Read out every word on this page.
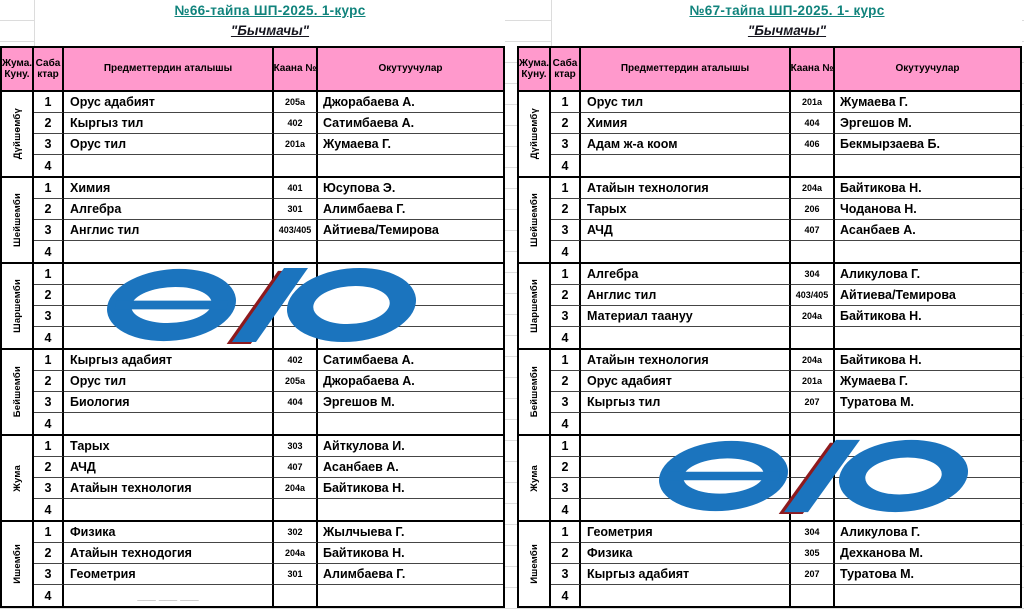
№66-тайпа ШП-2025. 1-курс
"Бычмачы"
Жума. Куну.
Саба ктар
Предметтердин аталышы	Каана №	Окутуучулар
Дүйшөмбү
1	Орус адабият	205а	Джорабаева А.
2	Кыргыз тил	402	Сатимбаева А.
3	Орус тил	201а	Жумаева Г.
4
Шейшемби
1	Химия	401	Юсупова Э.
2	Алгебра	301	Алимбаева Г.
3	Англис тил	403/405 Айтиева/Темирова
4
Шаршемби
1
2
3
4
Бейшемби
1	Кыргыз адабият	402	Сатимбаева А.
2	Орус тил	205а	Джорабаева А.
3	Биология	404	Эргешов М.
4
Жума
1	Тарых	303	Айткулова И.
2	АЧД	407	Асанбаев А.
3	Атайын технология	204а	Байтикова Н.
4
Ишемби
1	Физика	302	Жылчыева Г.
2	Атайын технодогия	204а	Байтикова Н.
3	Геометрия	301	Алимбаева Г.
4	___ ___ ___
№67-тайпа ШП-2025. 1- курс
"Бычмачы"
Жума. Куну.
Саба ктар
Предметтердин аталышы	Каана №	Окутуучулар
Дүйшөмбү
1	Орус тил	201а	Жумаева Г.
2	Химия	404	Эргешов М.
3	Адам ж-а коом	406	Бекмырзаева Б.
4
Шейшемби
1	Атайын технология	204а	Байтикова Н.
2	Тарых	206	Чоданова Н.
3	АЧД	407	Асанбаев А.
4
Шаршемби
1	Алгебра	304	Аликулова Г.
2	Англис тил	403/405 Айтиева/Темирова
3	Материал таануу	204а	Байтикова Н.
4
Бейшемби
1	Атайын технология	204а	Байтикова Н.
2	Орус адабият	201а	Жумаева Г.
3	Кыргыз тил	207	Туратова М.
4
Жума
1
2
3
4
Ишемби
1	Геометрия	304	Аликулова Г.
2	Физика	305	Дехканова М.
3	Кыргыз адабият	207	Туратова М.
4
